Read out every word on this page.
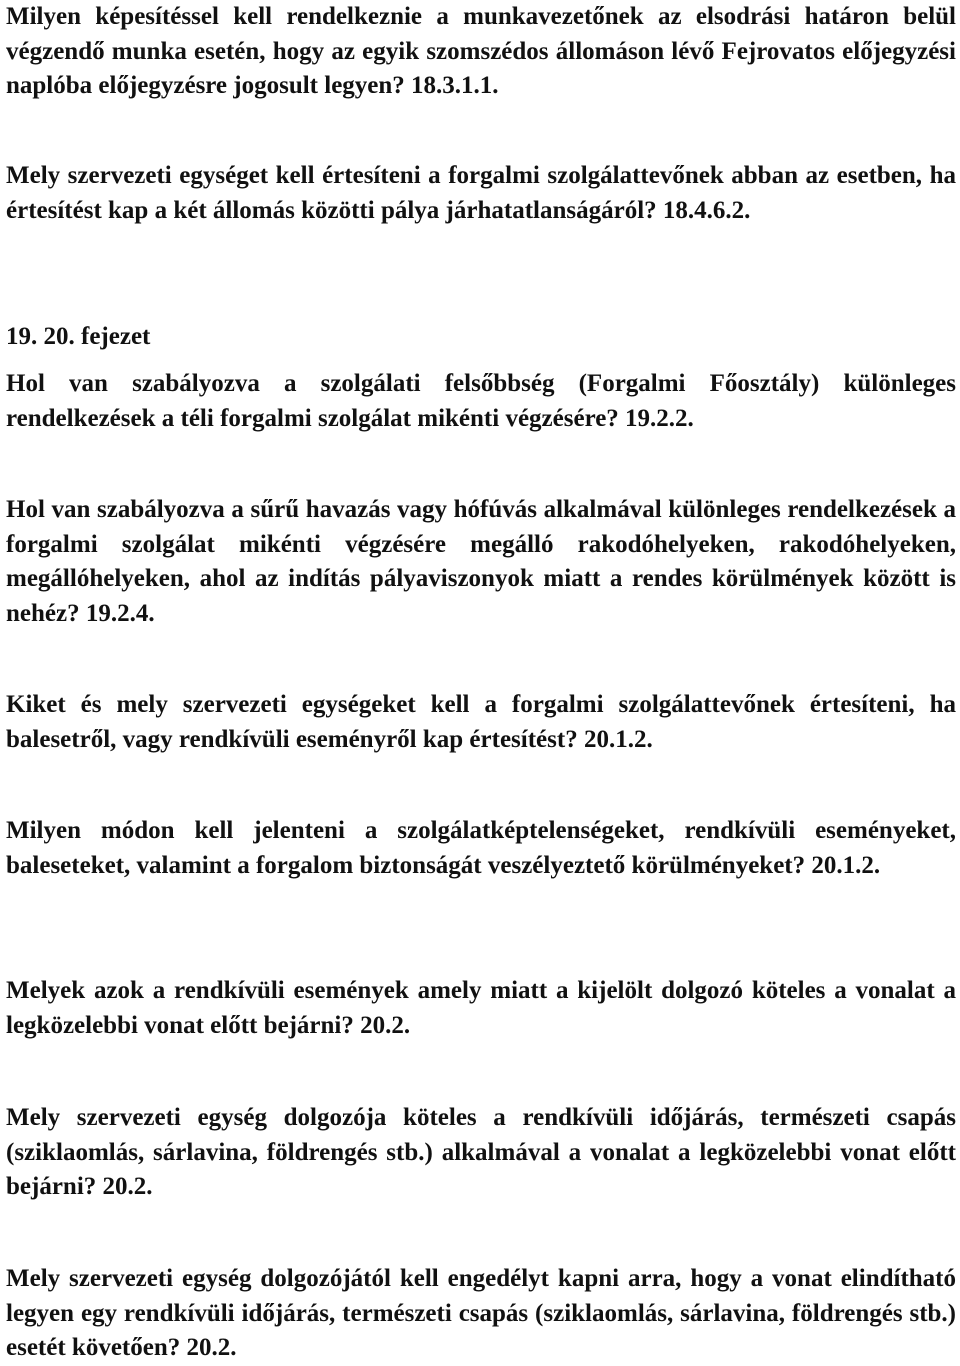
Milyen képesítéssel kell rendelkeznie a munkavezetőnek az elsodrási határon belül végzendő munka esetén, hogy az egyik szomszédos állomáson lévő Fejrovatos előjegyzési naplóba előjegyzésre jogosult legyen? 18.3.1.1.

Mely szervezeti egységet kell értesíteni a forgalmi szolgálattevőnek abban az esetben, ha értesítést kap a két állomás közötti pálya járhatatlanságáról? 18.4.6.2.

19. 20. fejezet

Hol van szabályozva a szolgálati felsőbbség (Forgalmi Főosztály) különleges rendelkezések a téli forgalmi szolgálat mikénti végzésére? 19.2.2.

Hol van szabályozva a sűrű havazás vagy hófúvás alkalmával különleges rendelkezések a forgalmi szolgálat mikénti végzésére megálló rakodóhelyeken, rakodóhelyeken, megállóhelyeken, ahol az indítás pályaviszonyok miatt a rendes körülmények között is nehéz? 19.2.4.

Kiket és mely szervezeti egységeket kell a forgalmi szolgálattevőnek értesíteni, ha balesetről, vagy rendkívüli eseményről kap értesítést? 20.1.2.

Milyen módon kell jelenteni a szolgálatképtelenségeket, rendkívüli eseményeket, baleseteket, valamint a forgalom biztonságát veszélyeztető körülményeket? 20.1.2.

Melyek azok a rendkívüli események amely miatt a kijelölt dolgozó köteles a vonalat a legközelebbi vonat előtt bejárni? 20.2.

Mely szervezeti egység dolgozója köteles a rendkívüli időjárás, természeti csapás (sziklaomlás, sárlavina, földrengés stb.) alkalmával a vonalat a legközelebbi vonat előtt bejárni? 20.2.

Mely szervezeti egység dolgozójától kell engedélyt kapni arra, hogy a vonat elindítható legyen egy rendkívüli időjárás, természeti csapás (sziklaomlás, sárlavina, földrengés stb.) esetét követően? 20.2.
